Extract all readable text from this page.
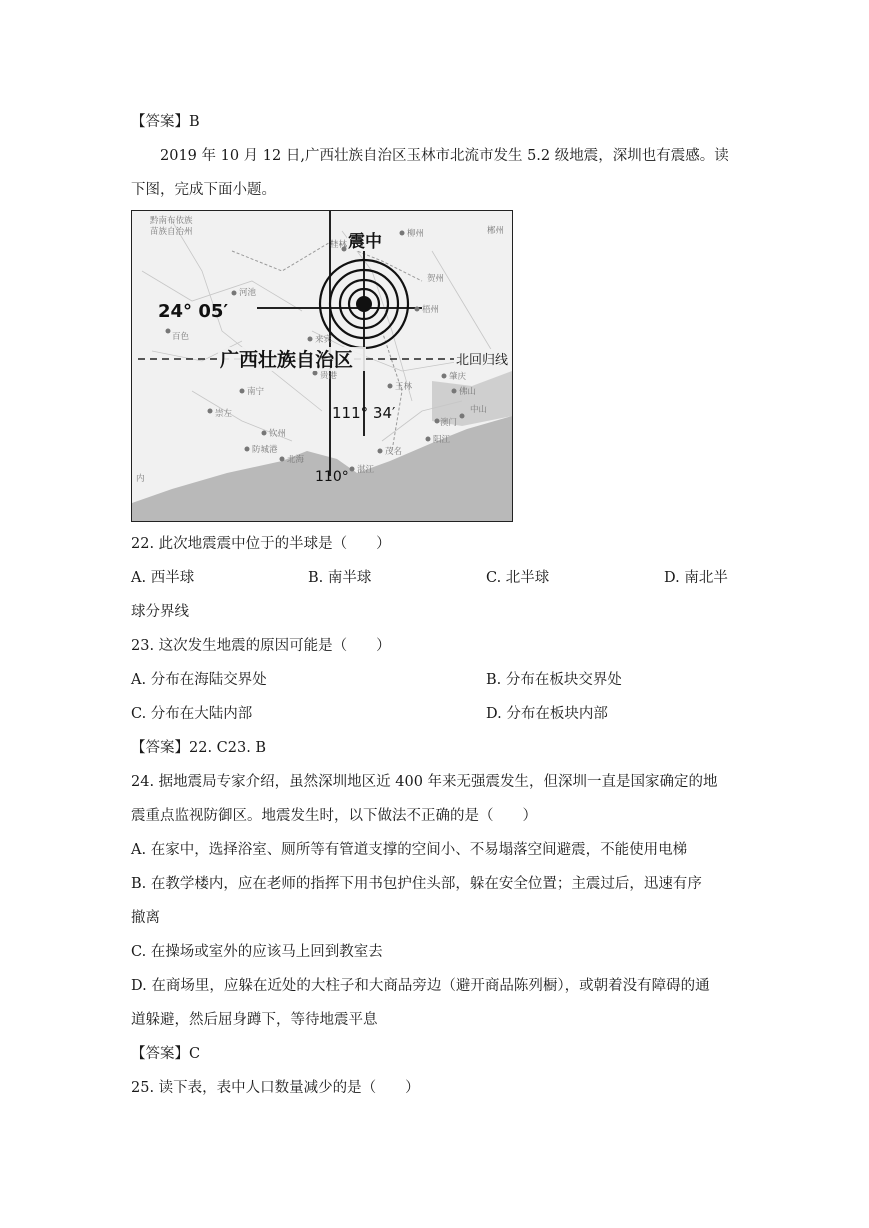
【答案】B
2019 年 10 月 12 日,广西壮族自治区玉林市北流市发生 5.2 级地震，深圳也有震感。读
下图，完成下面小题。
柳州
桂林
河池
百色	来宾
梧州
贵港
南宁
崇左
钦州
防城港
北海
湛江
茂名
阳江
肇庆
佛山
中山
澳门
玉林
贺州
郴州
内
黔南布依族
苗族自治州	震中
24° 05′
广西壮族自治区	北回归线
111° 34′
110°
22. 此次地震震中位于的半球是（　　）
A. 西半球	B. 南半球	C. 北半球	D. 南北半
球分界线
23. 这次发生地震的原因可能是（　　）
A. 分布在海陆交界处	B. 分布在板块交界处
C. 分布在大陆内部	D. 分布在板块内部
【答案】22. C23. B
24. 据地震局专家介绍，虽然深圳地区近 400 年来无强震发生，但深圳一直是国家确定的地
震重点监视防御区。地震发生时，以下做法不正确的是（　　）
A. 在家中，选择浴室、厕所等有管道支撑的空间小、不易塌落空间避震，不能使用电梯
B. 在教学楼内，应在老师的指挥下用书包护住头部，躲在安全位置；主震过后，迅速有序
撤离
C. 在操场或室外的应该马上回到教室去
D. 在商场里，应躲在近处的大柱子和大商品旁边（避开商品陈列橱），或朝着没有障碍的通
道躲避，然后屈身蹲下，等待地震平息
【答案】C
25. 读下表，表中人口数量减少的是（　　）
